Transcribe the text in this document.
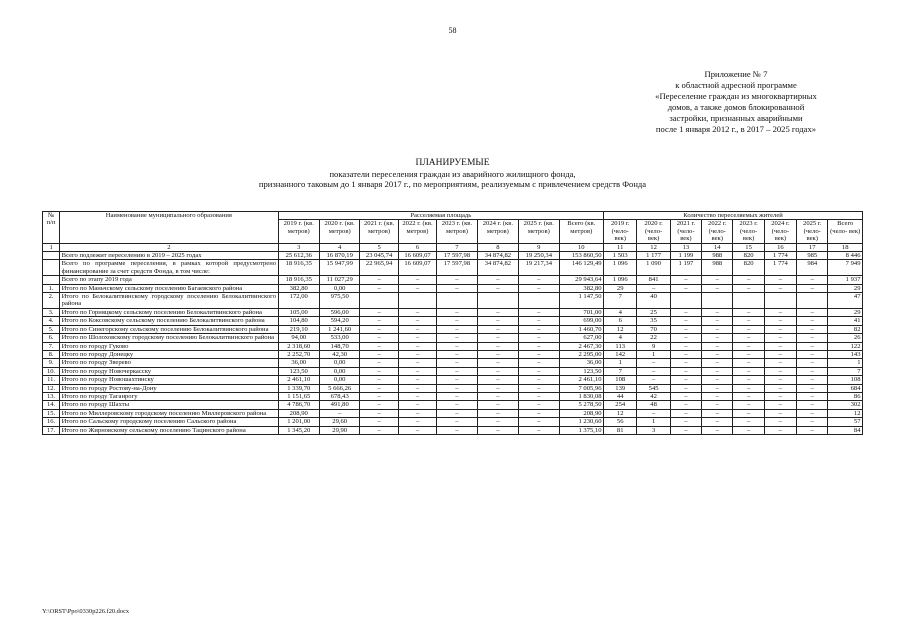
58
Приложение № 7
к областной адресной программе
«Переселение граждан из многоквартирных
домов, а также домов блокированной
застройки, признанных аварийными
после 1 января 2012 г., в 2017 – 2025 годах»
ПЛАНИРУЕМЫЕ
показатели переселения граждан из аварийного жилищного фонда,
признанного таковым до 1 января 2017 г., по мероприятиям, реализуемым с привлечением средств Фонда
№ п/п	Наименование муниципального образования	Расселяемая площадь								Количество переселяемых жителей							
		2019 г. (кв. метров)	2020 г. (кв. метров)	2021 г. (кв. метров)	2022 г. (кв. метров)	2023 г. (кв. метров)	2024 г. (кв. метров)	2025 г. (кв. метров)	Всего (кв. метров)	2019 г. (чело- век)	2020 г. (чело- век)	2021 г. (чело- век)	2022 г. (чело- век)	2023 г. (чело- век)	2024 г. (чело- век)	2025 г. (чело- век)	Всего (чело- век)
1	2	3	4	5	6	7	8	9	10	11	12	13	14	15	16	17	18
	Всего подлежит переселению в 2019 – 2025 годах	25 612,36	16 870,19	23 045,74	16 609,07	17 597,98	34 874,82	19 250,34	153 860,50	1 503	1 177	1 199	988	820	1 774	985	8 446
	Всего по программе переселения, в рамках которой предусмотрено финансирование за счет средств Фонда, в том числе:	18 916,35	15 947,99	22 965,94	16 609,07	17 597,98	34 874,82	19 217,34	146 129,49	1 096	1 090	1 197	988	820	1 774	984	7 949
	Всего по этапу 2019 года	18 916,35	11 027,29	–	–	–	–	–	29 943,64	1 096	841	–	–	–	–	–	1 937
1.	Итого по Маньчскому сельскому поселению Багаевского района	382,80	0,00	–	–	–	–	–	382,80	29	–	–	–	–	–	–	29
2.	Итого по Белокалитвинскому городскому поселению Белокалитвинского района	172,00	975,50						1 147,50	7	40						47
3.	Итого по Горняцкому сельскому поселению Белокалитвинского района	105,00	596,00	–	–	–	–	–	701,00	4	25	–	–	–	–	–	29
4.	Итого по Коксовскому сельскому поселению Белокалитвинского района	104,80	594,20	–	–	–	–	–	699,00	6	35	–	–	–	–	–	41
5.	Итого по Синегорскому сельскому поселению Белокалитвинского района	219,10	1 241,60	–	–	–	–	–	1 460,70	12	70	–	–	–	–	–	82
6.	Итого по Шолоховскому городскому поселению Белокалитвинского района	94,00	533,00	–	–	–	–	–	627,00	4	22	–	–	–	–	–	26
7.	Итого по городу Гуково	2 318,60	148,70	–	–	–	–	–	2 467,30	113	9	–	–	–	–	–	122
8.	Итого по городу Донецку	2 252,70	42,30	–	–	–	–	–	2 295,00	142	1	–	–	–	–	–	143
9.	Итого по городу Зверево	36,00	0,00	–	–	–	–	–	36,00	1	–	–	–	–	–	–	1
10.	Итого по городу Новочеркасску	123,50	0,00	–	–	–	–	–	123,50	7	–	–	–	–	–	–	7
11.	Итого по городу Новошахтинску	2 461,10	0,00	–	–	–	–	–	2 461,10	108	–	–	–	–	–	–	108
12.	Итого по городу Ростову-на-Дону	1 339,70	5 666,26	–	–	–	–	–	7 005,96	139	545	–	–	–	–	–	684
13.	Итого по городу Таганрогу	1 151,65	678,43	–	–	–	–	–	1 830,08	44	42	–	–	–	–	–	86
14.	Итого по городу Шахты	4 786,70	491,80	–	–	–	–	–	5 278,50	254	48	–	–	–	–	–	302
15.	Итого по Миллеровскому городскому поселению Миллеровского района	208,90	–	–	–	–	–	–	208,90	12	–	–	–	–	–	–	12
16.	Итого по Сальскому городскому поселению Сальского района	1 201,00	29,60	–	–	–	–	–	1 230,60	56	1	–	–	–	–	–	57
17.	Итого по Жирновскому сельскому поселению Тацинского района	1 345,20	29,90	–	–	–	–	–	1 375,10	81	3	–	–	–	–	–	84
Y:\ORST\Ppo\0330p226.f20.docx
